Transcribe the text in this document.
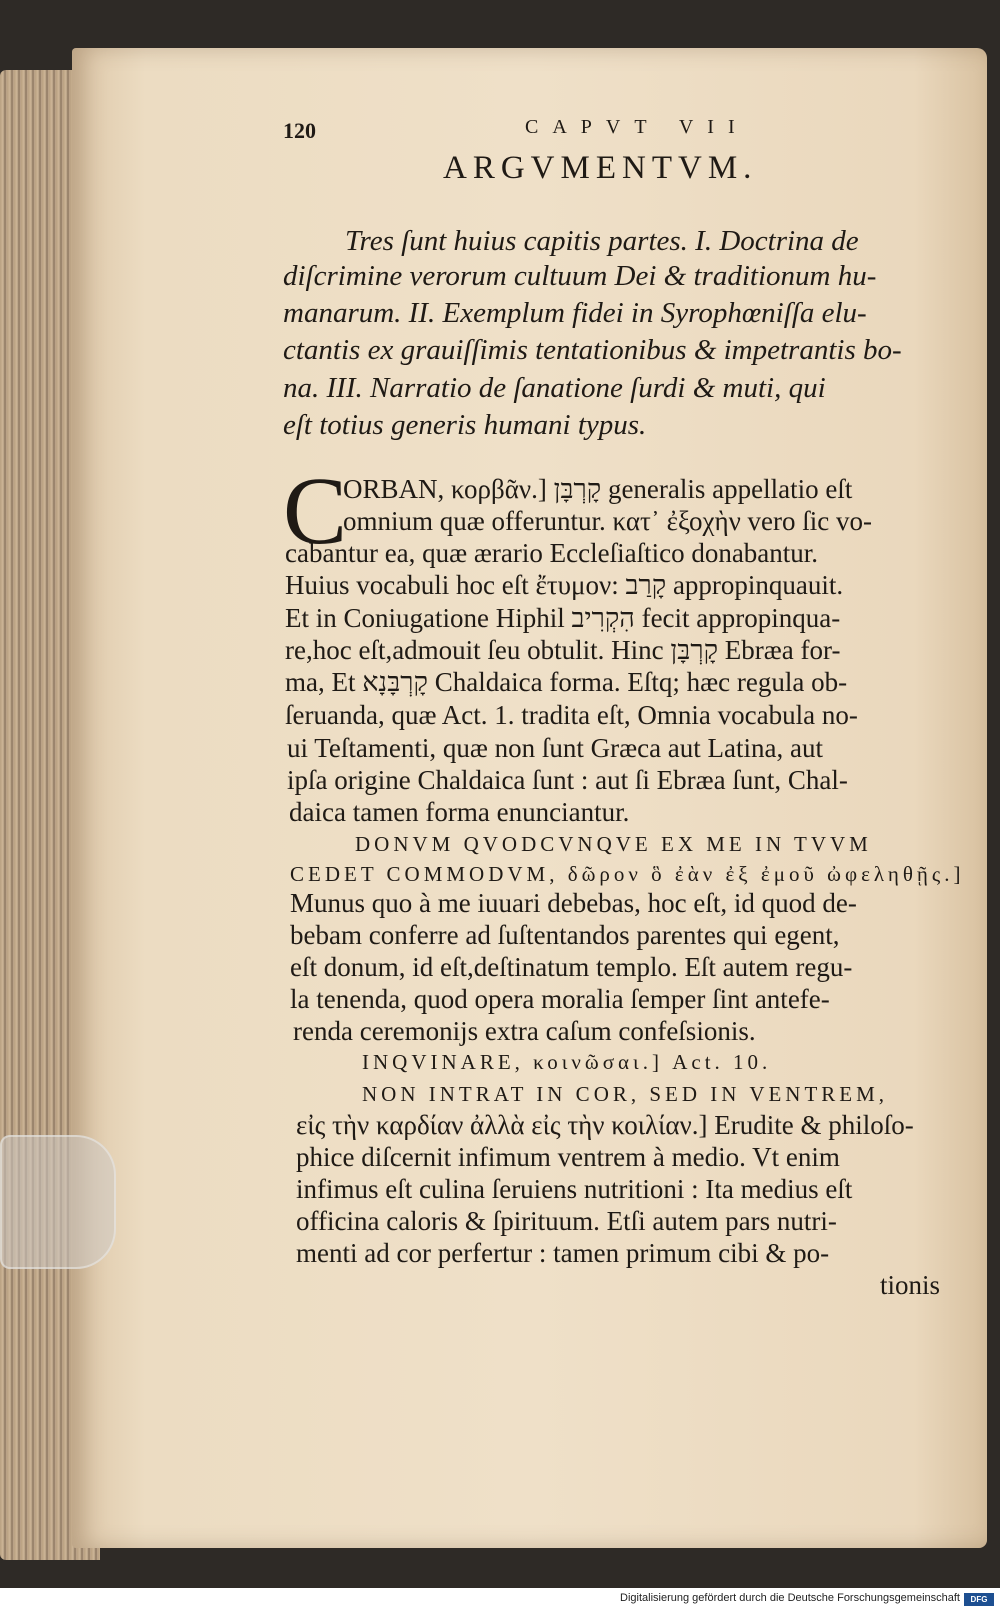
120	CAPVT VII
ARGVMENTVM.
Tres ſunt huius capitis partes. I. Doctrina de
diſcrimine verorum cultuum Dei & traditionum hu-
manarum. II. Exemplum fidei in Syrophœniſſa elu-
ctantis ex grauiſſimis tentationibus & impetrantis bo-
na. III. Narratio de ſanatione ſurdi & muti, qui
eſt totius generis humani typus.
C
ORBAN, κορβᾶν.] קָרְבָּן generalis appellatio eſt
omnium quæ offeruntur. κατ᾽ ἐξοχὴν vero ſic vo-
cabantur ea, quæ ærario Eccleſiaſtico donabantur.
Huius vocabuli hoc eſt ἔτυμον: קָרַב appropinquauit.
Et in Coniugatione Hiphil הִקְרִיב fecit appropinqua-
re,hoc eſt,admouit ſeu obtulit. Hinc קָרְבָּן Ebræa for-
ma, Et קָרְבָּנָא Chaldaica forma. Eſtq; hæc regula ob-
ſeruanda, quæ Act. 1. tradita eſt, Omnia vocabula no-
ui Teſtamenti, quæ non ſunt Græca aut Latina, aut
ipſa origine Chaldaica ſunt : aut ſi Ebræa ſunt, Chal-
daica tamen forma enunciantur.
DONVM QVODCVNQVE EX ME IN TVVM
CEDET COMMODVM, δῶρον ὃ ἐὰν ἐξ ἐμοῦ ὠφεληθῇς.]
Munus quo à me iuuari debebas, hoc eſt, id quod de-
bebam conferre ad ſuſtentandos parentes qui egent,
eſt donum, id eſt,deſtinatum templo. Eſt autem regu-
la tenenda, quod opera moralia ſemper ſint antefe-
renda ceremonijs extra caſum confeſsionis.
INQVINARE, κοινῶσαι.] Act. 10.
NON INTRAT IN COR, SED IN VENTREM,
εἰς τὴν καρδίαν ἀλλὰ εἰς τὴν κοιλίαν.] Erudite & philoſo-
phice diſcernit infimum ventrem à medio. Vt enim
infimus eſt culina ſeruiens nutritioni : Ita medius eſt
officina caloris & ſpirituum. Etſi autem pars nutri-
menti ad cor perfertur : tamen primum cibi & po-
tionis
Digitalisierung gefördert durch die Deutsche Forschungsgemeinschaft	DFG
